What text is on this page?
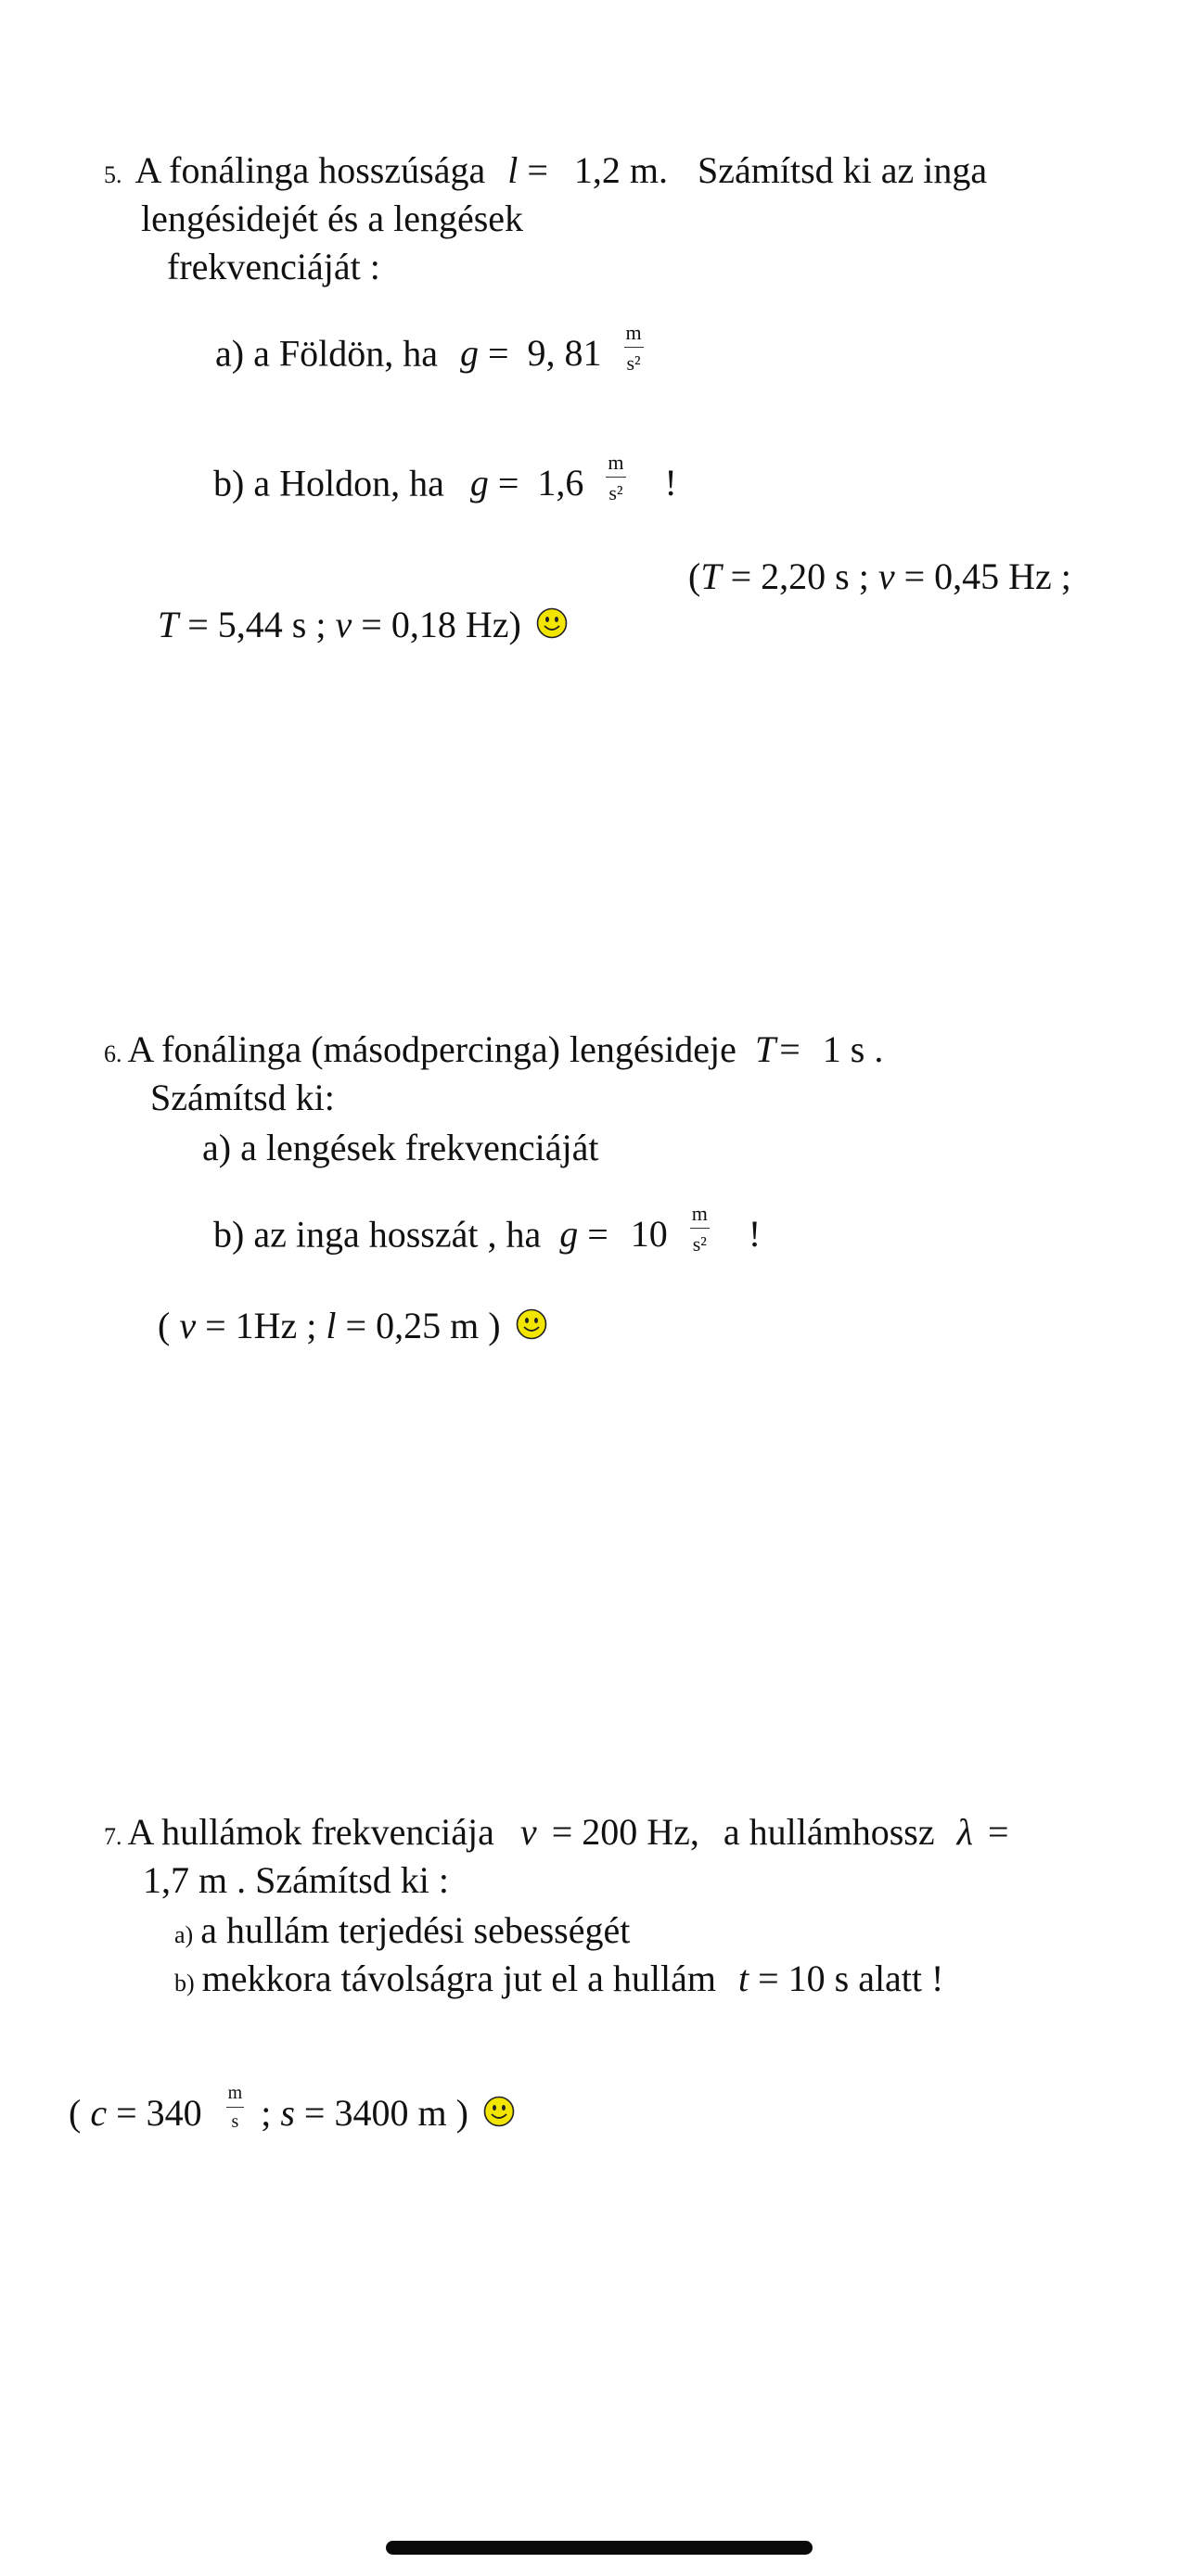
5. A fonálinga hosszúsága l = 1,2 m. Számítsd ki az inga
lengésidejét és a lengések
frekvenciáját :
a) a Földön, ha g = 9, $81 \frac{m}{\text{s²}}$
b) a Holdon, ha $g = 1,6 \frac{m}{\text{s²}}$ !
(T = 2,20 s ; v = 0,45 Hz ;
T = 5,44 s ; v = 0,18 Hz)
6. A fonálinga (másodpercinga) lengésideje T = 1 s .
Számítsd ki:
a) a lengések frekvenciáját
b) az inga hosszát , ha $g = 10 \frac{m}{\text{s²}}$ !
( v = 1Hz ; l = 0,25 m )
7. A hullámok frekvenciája v = 200 Hz, a hullámhossz λ =
1,7 m . Számítsd ki :
a) a hullám terjedési sebességét
b) mekkora távolságra jut el a hullám t = 10 s alatt !
( $c = 340 \frac{m}{s}$ ; s = 3400 m )
